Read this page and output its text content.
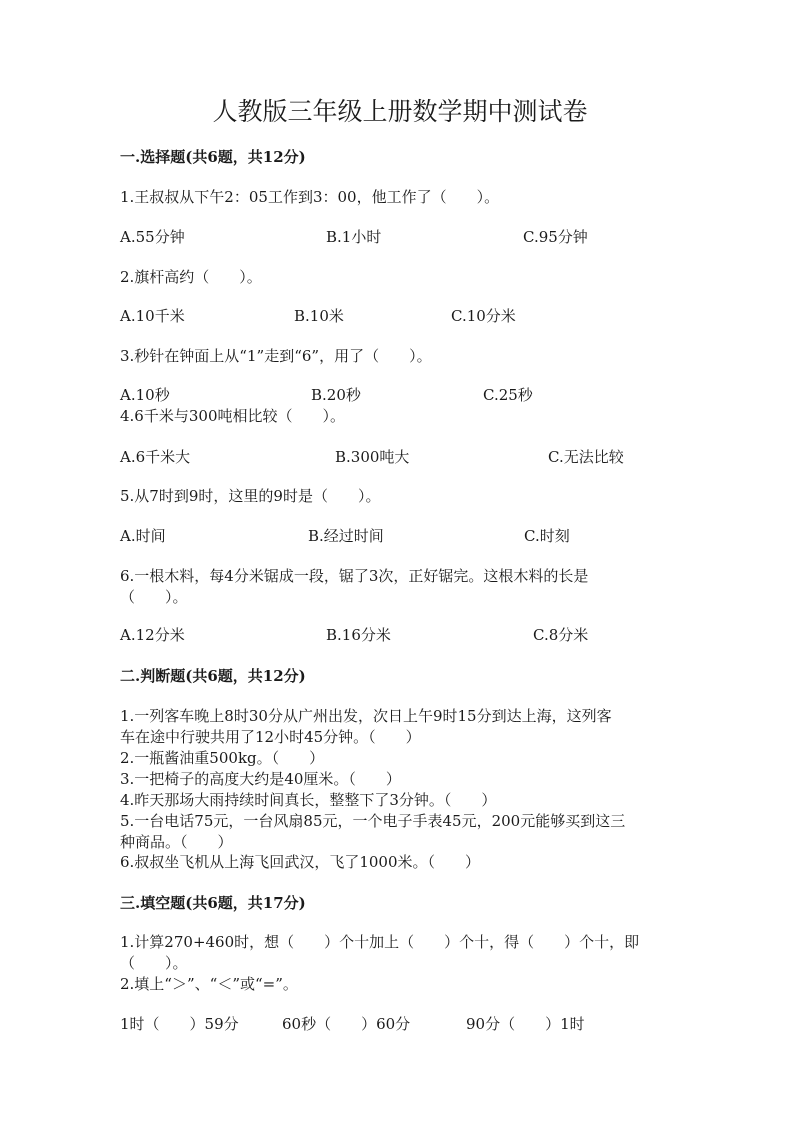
人教版三年级上册数学期中测试卷
一.选择题(共6题，共12分)
1.王叔叔从下午2：05工作到3：00，他工作了（　　）。
A.55分钟	B.1小时	C.95分钟
2.旗杆高约（　　）。
A.10千米	B.10米	C.10分米
3.秒针在钟面上从“1”走到“6”，用了（　　）。
A.10秒	B.20秒	C.25秒
4.6千米与300吨相比较（　　）。
A.6千米大	B.300吨大	C.无法比较
5.从7时到9时，这里的9时是（　　）。
A.时间	B.经过时间	C.时刻
6.一根木料，每4分米锯成一段，锯了3次，正好锯完。这根木料的长是
（　　）。
A.12分米	B.16分米	C.8分米
二.判断题(共6题，共12分)
1.一列客车晚上8时30分从广州出发，次日上午9时15分到达上海，这列客
车在途中行驶共用了12小时45分钟。（　　）
2.一瓶酱油重500kg。（　　）
3.一把椅子的高度大约是40厘米。（　　）
4.昨天那场大雨持续时间真长，整整下了3分钟。（　　）
5.一台电话75元，一台风扇85元，一个电子手表45元，200元能够买到这三
种商品。（　　）
6.叔叔坐飞机从上海飞回武汉，飞了1000米。（　　）
三.填空题(共6题，共17分)
1.计算270+460时，想（　　）个十加上（　　）个十，得（　　）个十，即
（　　）。
2.填上“＞”、“＜”或“=”。
1时（　　）59分	60秒（　　）60分	90分（　　）1时
